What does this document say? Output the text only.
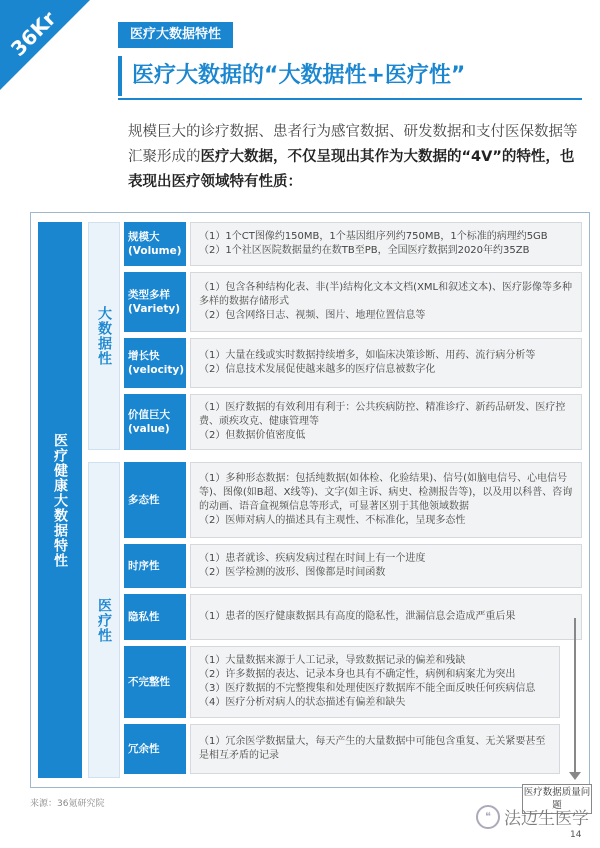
36Kr	医疗大数据特性
医疗大数据的“大数据性+医疗性”

规模巨大的诊疗数据、患者行为感官数据、研发数据和支付医保数据等汇聚形成的医疗大数据，不仅呈现出其作为大数据的“4V”的特性，也表现出医疗领域特有性质：

医疗健康大数据特性
大数据性
医疗性
规模大
(Volume)
（1）1个CT图像约150MB，1个基因组序列约750MB，1个标准的病理约5GB
（2）1个社区医院数据量约在数TB至PB，全国医疗数据到2020年约35ZB
类型多样
(Variety)
（1）包含各种结构化表、非(半)结构化文本文档(XML和叙述文本)、医疗影像等多种多样的数据存储形式
（2）包含网络日志、视频、图片、地理位置信息等
增长快
(velocity)
（1）大量在线或实时数据持续增多，如临床决策诊断、用药、流行病分析等
（2）信息技术发展促使越来越多的医疗信息被数字化
价值巨大
(value)
（1）医疗数据的有效利用有利于：公共疾病防控、精准诊疗、新药品研发、医疗控费、顽疾攻克、健康管理等
（2）但数据价值密度低
多态性
（1）多种形态数据：包括纯数据(如体检、化验结果)、信号(如脑电信号、心电信号等)、图像(如B超、X线等)、文字(如主诉、病史、检测报告等)，以及用以科普、咨询的动画、语音盒视频信息等形式，可显著区别于其他领域数据
（2）医师对病人的描述具有主观性、不标准化，呈现多态性
时序性
（1）患者就诊、疾病发病过程在时间上有一个进度
（2）医学检测的波形、图像都是时间函数
隐私性	（1）患者的医疗健康数据具有高度的隐私性，泄漏信息会造成严重后果
不完整性
（1）大量数据来源于人工记录，导致数据记录的偏差和残缺
（2）许多数据的表达、记录本身也具有不确定性，病例和病案尤为突出
（3）医疗数据的不完整搜集和处理使医疗数据库不能全面反映任何疾病信息
（4）医疗分析对病人的状态描述有偏差和缺失
冗余性
（1）冗余医学数据量大，每天产生的大量数据中可能包含重复、无关紧要甚至是相互矛盾的记录
医疗数据质量问题
来源：36氪研究院
❝ 法迈生医学
14
